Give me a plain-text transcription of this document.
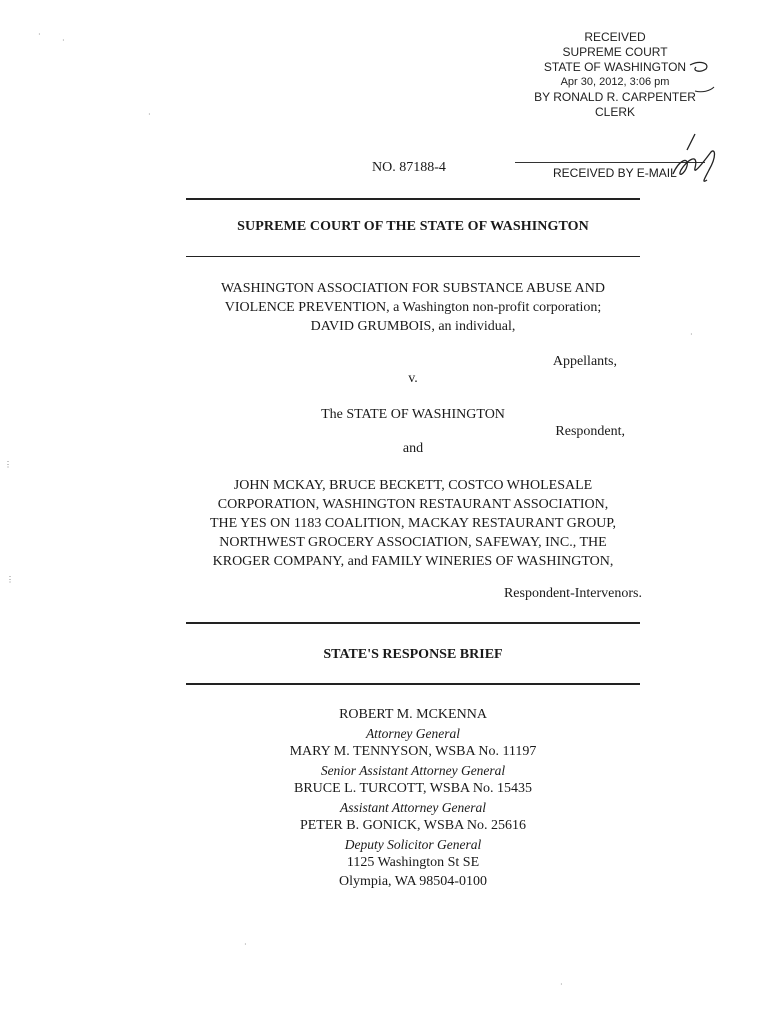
RECEIVED
SUPREME COURT
STATE OF WASHINGTON
Apr 30, 2012, 3:06 pm
BY RONALD R. CARPENTER
CLERK
NO. 87188-4	RECEIVED BY E-MAIL
SUPREME COURT OF THE STATE OF WASHINGTON
WASHINGTON ASSOCIATION FOR SUBSTANCE ABUSE AND
VIOLENCE PREVENTION, a Washington non-profit corporation;
DAVID GRUMBOIS, an individual,
Appellants,
v.
The STATE OF WASHINGTON
Respondent,
and
JOHN MCKAY, BRUCE BECKETT, COSTCO WHOLESALE
CORPORATION, WASHINGTON RESTAURANT ASSOCIATION,
THE YES ON 1183 COALITION, MACKAY RESTAURANT GROUP,
NORTHWEST GROCERY ASSOCIATION, SAFEWAY, INC., THE
KROGER COMPANY, and FAMILY WINERIES OF WASHINGTON,
Respondent-Intervenors.
STATE'S RESPONSE BRIEF
ROBERT M. MCKENNA
Attorney General
MARY M. TENNYSON, WSBA No. 11197
Senior Assistant Attorney General
BRUCE L. TURCOTT, WSBA No. 15435
Assistant Attorney General
PETER B. GONICK, WSBA No. 25616
Deputy Solicitor General
1125 Washington St SE
Olympia, WA 98504-0100
·
·
⋮
⋮
·
·
·
·
